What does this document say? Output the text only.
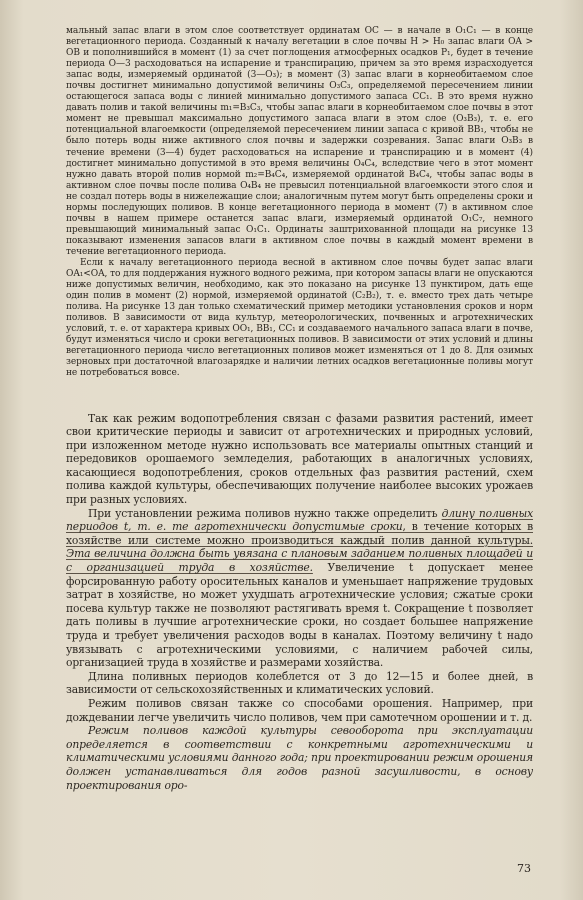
мальный запас влаги в этом слое соответствует ординатам OC — в начале в O₁C₁ — в конце вегетационного периода. Созданный к началу вегетации в слое почвы H > H₀ запас влаги OA > OB и пополнившийся в момент (1) за счет поглощения атмосферных осадков P₁, будет в течение периода O—3 расходоваться на испарение и транспирацию, причем за это время израсходуется запас воды, измеряемый ординатой (3—O₃); в момент (3) запас влаги в корнеобитаемом слое почвы достигнет минимально допустимой величины O₃C₃, определяемой пересечением линии остающегося запаса воды с линией минимально допустимого запаса CC₁. В это время нужно давать полив и такой величины m₁=B₃C₃, чтобы запас влаги в корнеобитаемом слое почвы в этот момент не превышал максимально допустимого запаса влаги в этом слое (O₃B₃), т. е. его потенциальной влагоемкости (определяемой пересечением линии запаса с кривой BB₁, чтобы не было потерь воды ниже активного слоя почвы и задержки созревания. Запас влаги O₃B₃ в течение времени (3—4) будет расходоваться на испарение и транспирацию и в момент (4) достигнет минимально допустимой в это время величины O₄C₄, вследствие чего в этот момент нужно давать второй полив нормой m₂=B₄C₄, измеряемой ординатой B₄C₄, чтобы запас воды в активном слое почвы после полива O₄B₄ не превысил потенциальной влагоемкости этого слоя и не создал потерь воды в нижележащие слои; аналогичным путем могут быть определены сроки и нормы последующих поливов. В конце вегетационного периода в момент (7) в активном слое почвы в нашем примере останется запас влаги, измеряемый ординатой O₁C₇, немного превышающий минимальный запас O₁C₁. Ординаты заштрихованной площади на рисунке 13 показывают изменения запасов влаги в активном слое почвы в каждый момент времени в течение вегетационного периода.

Если к началу вегетационного периода весной в активном слое почвы будет запас влаги OA₁<OA, то для поддержания нужного водного режима, при котором запасы влаги не опускаются ниже допустимых величин, необходимо, как это показано на рисунке 13 пунктиром, дать еще один полив в момент (2) нормой, измеряемой ординатой (C₂B₂), т. е. вместо трех дать четыре полива. На рисунке 13 дан только схематический пример методики установления сроков и норм поливов. В зависимости от вида культур, метеорологических, почвенных и агротехнических условий, т. е. от характера кривых OO₁, BB₁, CC₁ и создаваемого начального запаса влаги в почве, будут изменяться число и сроки вегетационных поливов. В зависимости от этих условий и длины вегетационного периода число вегетационных поливов может изменяться от 1 до 8. Для озимых зерновых при достаточной влагозарядке и наличии летних осадков вегетационные поливы могут не потребоваться вовсе.

Так как режим водопотребления связан с фазами развития растений, имеет свои критические периоды и зависит от агротехнических и природных условий, при изложенном методе нужно использовать все материалы опытных станций и передовиков орошаемого земледелия, работающих в аналогичных условиях, касающиеся водопотребления, сроков отдельных фаз развития растений, схем полива каждой культуры, обеспечивающих получение наиболее высоких урожаев при разных условиях.

При установлении режима поливов нужно также определить длину поливных периодов t, т. е. те агротехнически допустимые сроки, в течение которых в хозяйстве или системе можно производиться каждый полив данной культуры. Эта величина должна быть увязана с плановым заданием поливных площадей и с организацией труда в хозяйстве. Увеличение t допускает менее форсированную работу оросительных каналов и уменьшает напряжение трудовых затрат в хозяйстве, но может ухудшать агротехнические условия; сжатые сроки посева культур также не позволяют растягивать время t. Сокращение t позволяет дать поливы в лучшие агротехнические сроки, но создает большее напряжение труда и требует увеличения расходов воды в каналах. Поэтому величину t надо увязывать с агротехническими условиями, с наличием рабочей силы, организацией труда в хозяйстве и размерами хозяйства.

Длина поливных периодов колеблется от 3 до 12—15 и более дней, в зависимости от сельскохозяйственных и климатических условий.

Режим поливов связан также со способами орошения. Например, при дождевании легче увеличить число поливов, чем при самотечном орошении и т. д.

Режим поливов каждой культуры севооборота при эксплуатации определяется в соответствии с конкретными агротехническими и климатическими условиями данного года; при проектировании режим орошения должен устанавливаться для годов разной засушливости, в основу проектирования оро-

73
